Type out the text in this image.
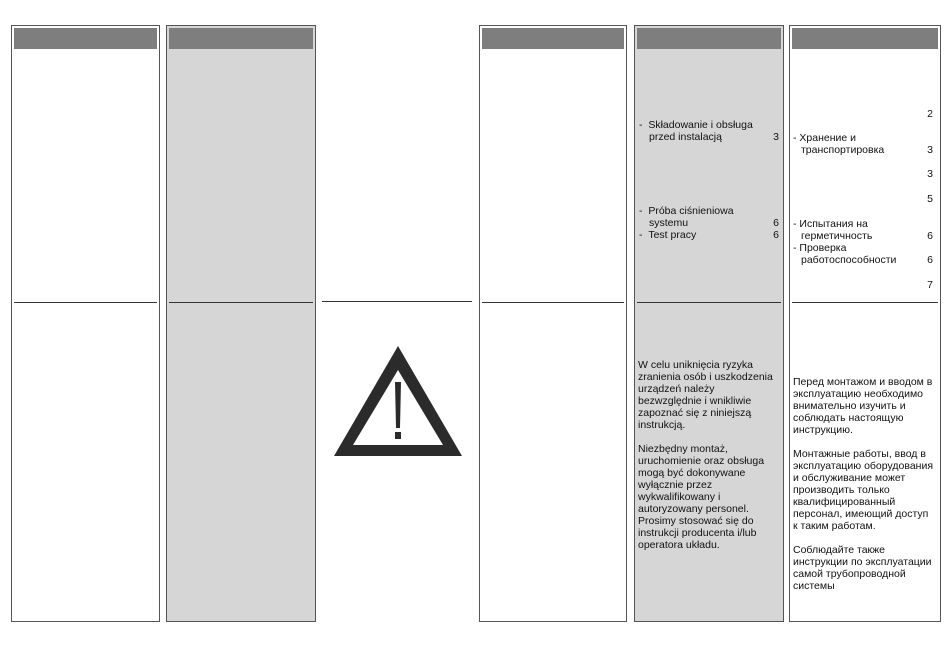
- Składowanie i obsługa
przed instalacją	3
- Próba ciśnieniowa
systemu	6
- Test pracy	6

W celu uniknięcia ryzyka zranienia osób i uszkodzenia urządzeń należy bezwzględnie i wnikliwie zapoznać się z niniejszą instrukcją.

Niezbędny montaż, uruchomienie oraz obsługa mogą być dokonywane wyłącznie przez wykwalifikowany i autoryzowany personel. Prosimy stosować się do instrukcji producenta i/lub operatora układu.

2
- Хранение и
транспортировка	3
3
5
- Испытания на
герметичность	6
- Проверка
работоспособности	6
7

Перед монтажом и вводом в эксплуатацию необходимо внимательно изучить и соблюдать настоящую инструкцию.

Монтажные работы, ввод в эксплуатацию оборудования и обслуживание может производить только квалифицированный персонал, имеющий доступ к таким работам.

Соблюдайте также инструкции по эксплуатации самой трубопроводной системы
